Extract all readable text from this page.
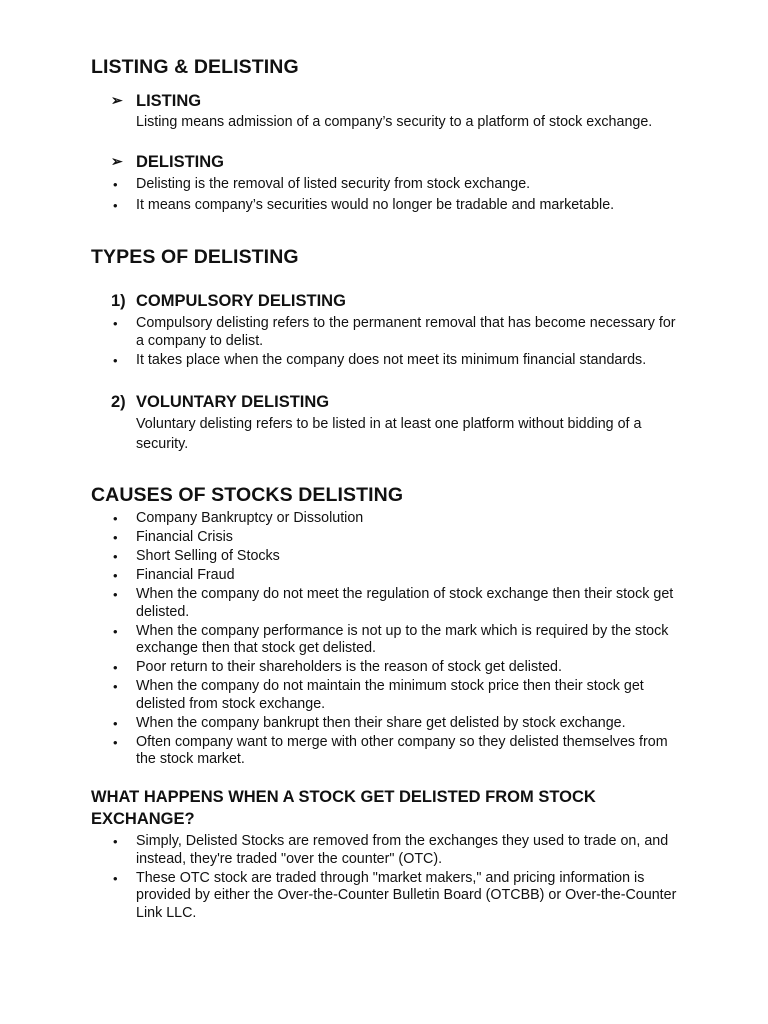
LISTING & DELISTING
➢ LISTING

Listing means admission of a company’s security to a platform of stock exchange.

➢ DELISTING
• Delisting is the removal of listed security from stock exchange.
• It means company’s securities would no longer be tradable and marketable.
TYPES OF DELISTING
1) COMPULSORY DELISTING
• Compulsory delisting refers to the permanent removal that has become necessary for a company to delist.
• It takes place when the company does not meet its minimum financial standards.
2) VOLUNTARY DELISTING

Voluntary delisting refers to be listed in at least one platform without bidding of a security.

CAUSES OF STOCKS DELISTING
• Company Bankruptcy or Dissolution
• Financial Crisis
• Short Selling of Stocks
• Financial Fraud
• When the company do not meet the regulation of stock exchange then their stock get delisted.
• When the company performance is not up to the mark which is required by the stock exchange then that stock get delisted.
• Poor return to their shareholders is the reason of stock get delisted.
• When the company do not maintain the minimum stock price then their stock get delisted from stock exchange.
• When the company bankrupt then their share get delisted by stock exchange.
• Often company want to merge with other company so they delisted themselves from the stock market.
WHAT HAPPENS WHEN A STOCK GET DELISTED FROM STOCK EXCHANGE?
• Simply, Delisted Stocks are removed from the exchanges they used to trade on, and instead, they're traded "over the counter" (OTC).
• These OTC stock are traded through "market makers," and pricing information is provided by either the Over-the-Counter Bulletin Board (OTCBB) or Over-the-Counter Link LLC.
